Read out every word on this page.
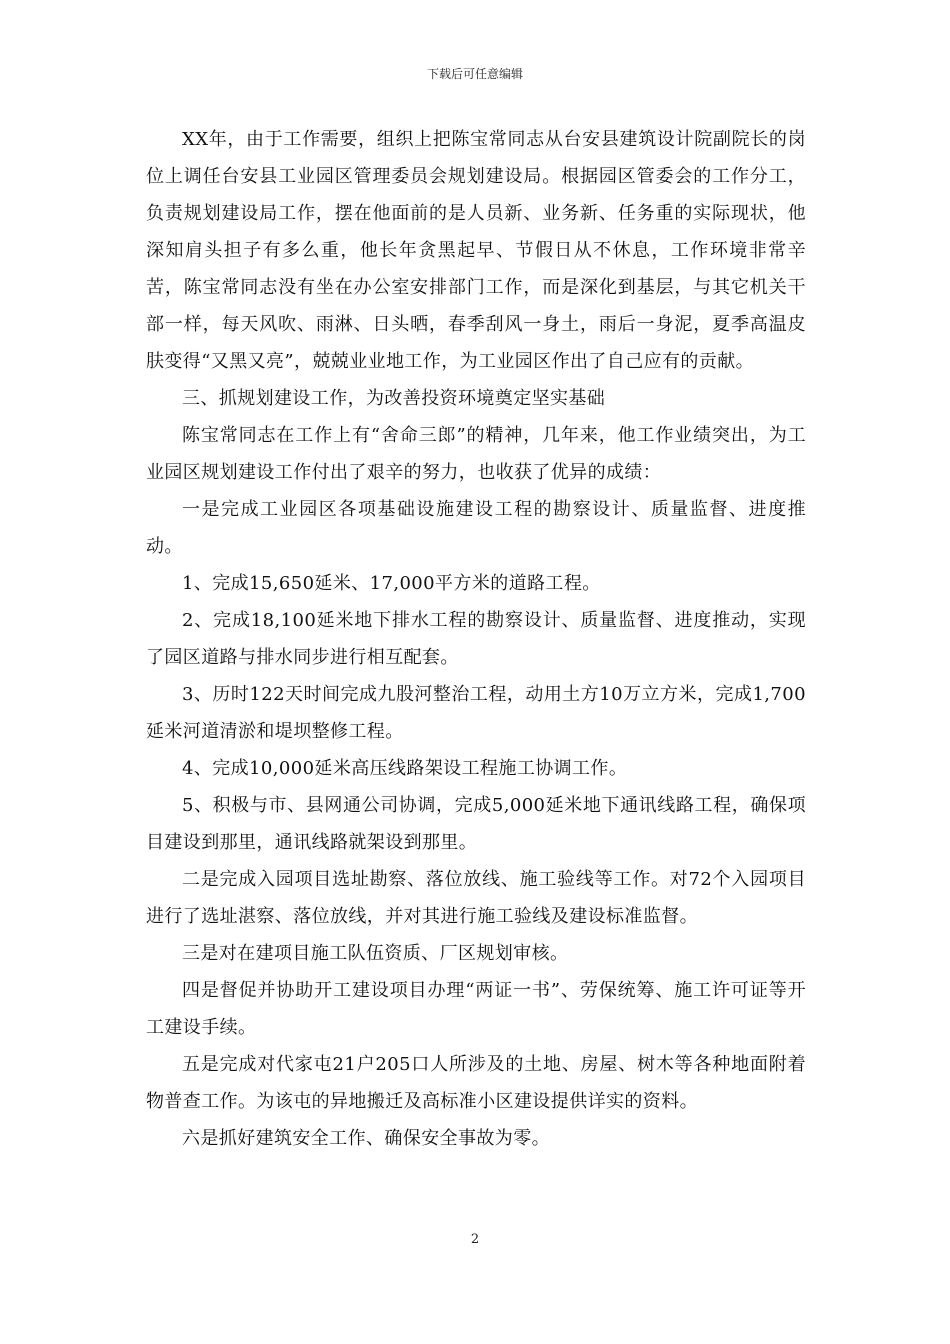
下载后可任意编辑

XX年，由于工作需要，组织上把陈宝常同志从台安县建筑设计院副院长的岗位上调任台安县工业园区管理委员会规划建设局。根据园区管委会的工作分工，负责规划建设局工作，摆在他面前的是人员新、业务新、任务重的实际现状，他深知肩头担子有多么重，他长年贪黑起早、节假日从不休息，工作环境非常辛苦，陈宝常同志没有坐在办公室安排部门工作，而是深化到基层，与其它机关干部一样，每天风吹、雨淋、日头晒，春季刮风一身土，雨后一身泥，夏季高温皮肤变得“又黑又亮”，兢兢业业地工作，为工业园区作出了自己应有的贡献。

三、抓规划建设工作，为改善投资环境奠定坚实基础

陈宝常同志在工作上有“舍命三郎”的精神，几年来，他工作业绩突出，为工业园区规划建设工作付出了艰辛的努力，也收获了优异的成绩：

一是完成工业园区各项基础设施建设工程的勘察设计、质量监督、进度推动。

1、完成15,650延米、17,000平方米的道路工程。

2、完成18,100延米地下排水工程的勘察设计、质量监督、进度推动，实现了园区道路与排水同步进行相互配套。

3、历时122天时间完成九股河整治工程，动用土方10万立方米，完成1,700延米河道清淤和堤坝整修工程。

4、完成10,000延米高压线路架设工程施工协调工作。

5、积极与市、县网通公司协调，完成5,000延米地下通讯线路工程，确保项目建设到那里，通讯线路就架设到那里。

二是完成入园项目选址勘察、落位放线、施工验线等工作。对72个入园项目进行了选址湛察、落位放线，并对其进行施工验线及建设标准监督。

三是对在建项目施工队伍资质、厂区规划审核。

四是督促并协助开工建设项目办理“两证一书”、劳保统筹、施工许可证等开工建设手续。

五是完成对代家屯21户205口人所涉及的土地、房屋、树木等各种地面附着物普查工作。为该屯的异地搬迁及高标准小区建设提供详实的资料。

六是抓好建筑安全工作、确保安全事故为零。

2
